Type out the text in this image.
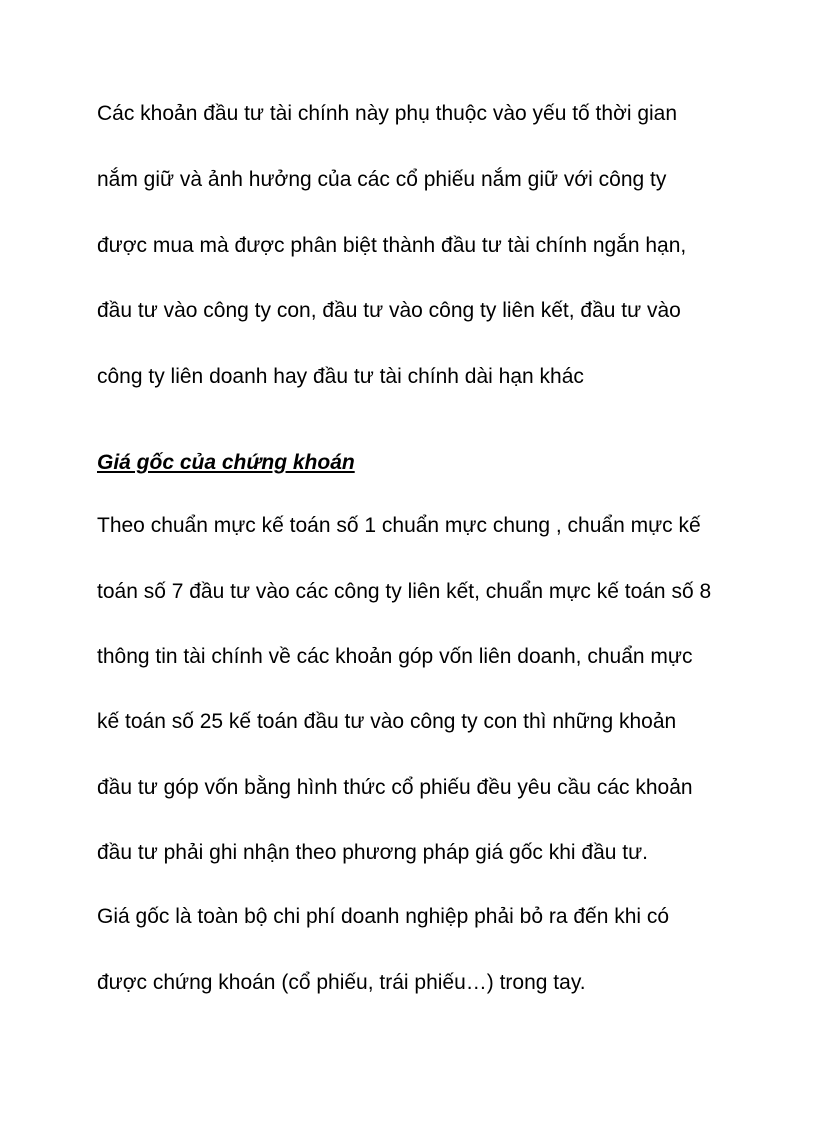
Các khoản đầu tư tài chính này phụ thuộc vào yếu tố thời gian

nắm giữ và ảnh hưởng của các cổ phiếu nắm giữ với công ty

được mua mà được phân biệt thành đầu tư tài chính ngắn hạn,

đầu tư vào công ty con, đầu tư vào công ty liên kết, đầu tư vào

công ty liên doanh hay đầu tư tài chính dài hạn khác

Giá gốc của chứng khoán

Theo chuẩn mực kế toán số 1 chuẩn mực chung , chuẩn mực kế

toán số 7 đầu tư vào các công ty liên kết, chuẩn mực kế toán số 8

thông tin tài chính về các khoản góp vốn liên doanh, chuẩn mực

kế toán số 25 kế toán đầu tư vào công ty con thì những khoản

đầu tư góp vốn bằng hình thức cổ phiếu đều yêu cầu các khoản

đầu tư phải ghi nhận theo phương pháp giá gốc khi đầu tư.

Giá gốc là toàn bộ chi phí doanh nghiệp phải bỏ ra đến khi có

được chứng khoán (cổ phiếu, trái phiếu…) trong tay.
